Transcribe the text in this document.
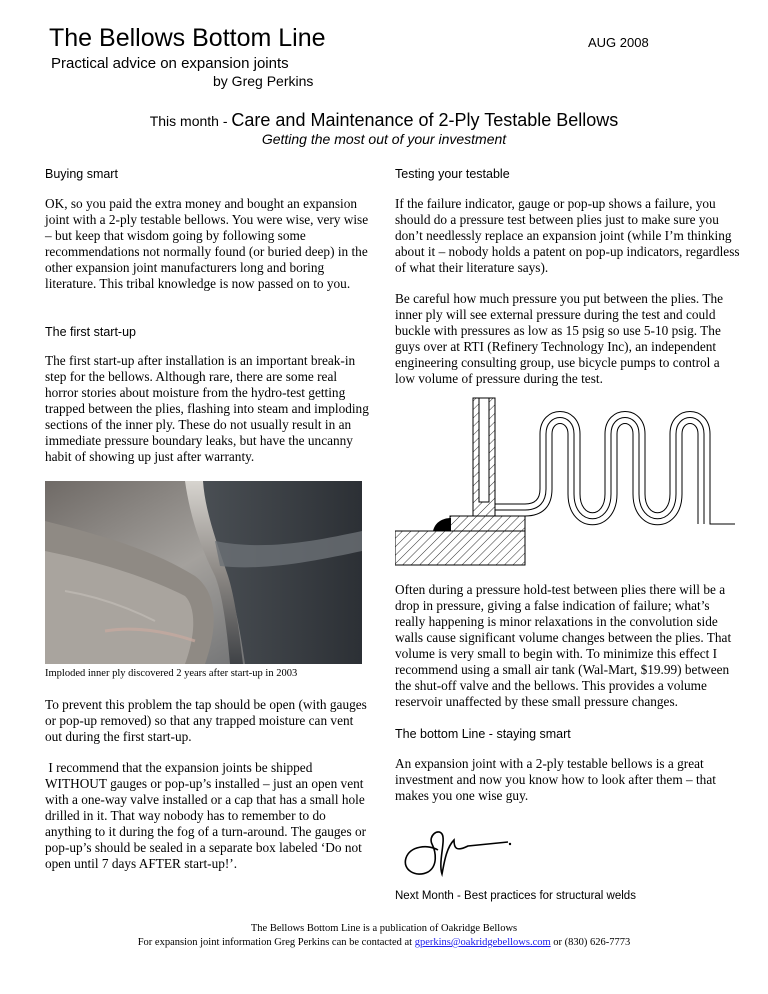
The Bellows Bottom Line
Practical advice on expansion joints
by Greg Perkins
AUG 2008
This month - Care and Maintenance of 2-Ply Testable Bellows
Getting the most out of your investment
Buying smart
OK, so you paid the extra money and bought an expansion joint with a 2-ply testable bellows. You were wise, very wise – but keep that wisdom going by following some recommendations not normally found (or buried deep) in the other expansion joint manufacturers long and boring literature. This tribal knowledge is now passed on to you.
The first start-up
The first start-up after installation is an important break-in step for the bellows. Although rare, there are some real horror stories about moisture from the hydro-test getting trapped between the plies, flashing into steam and imploding sections of the inner ply. These do not usually result in an immediate pressure boundary leaks, but have the uncanny habit of showing up just after warranty.
Imploded inner ply discovered 2 years after start-up in 2003
To prevent this problem the tap should be open (with gauges or pop-up removed) so that any trapped moisture can vent out during the first start-up.
I recommend that the expansion joints be shipped WITHOUT gauges or pop-up’s installed – just an open vent with a one-way valve installed or a cap that has a small hole drilled in it. That way nobody has to remember to do anything to it during the fog of a turn-around. The gauges or pop-up’s should be sealed in a separate box labeled ‘Do not open until 7 days AFTER start-up!’.
Testing your testable
If the failure indicator, gauge or pop-up shows a failure, you should do a pressure test between plies just to make sure you don’t needlessly replace an expansion joint (while I’m thinking about it – nobody holds a patent on pop-up indicators, regardless of what their literature says).
Be careful how much pressure you put between the plies. The inner ply will see external pressure during the test and could buckle with pressures as low as 15 psig so use 5-10 psig. The guys over at RTI (Refinery Technology Inc), an independent engineering consulting group, use bicycle pumps to control a low volume of pressure during the test.
Often during a pressure hold-test between plies there will be a drop in pressure, giving a false indication of failure; what’s really happening is minor relaxations in the convolution side walls cause significant volume changes between the plies. That volume is very small to begin with. To minimize this effect I recommend using a small air tank (Wal-Mart, $19.99) between the shut-off valve and the bellows. This provides a volume reservoir unaffected by these small pressure changes.
The bottom Line - staying smart
An expansion joint with a 2-ply testable bellows is a great investment and now you know how to look after them – that makes you one wise guy.
Next Month - Best practices for structural welds
The Bellows Bottom Line is a publication of Oakridge Bellows
For expansion joint information Greg Perkins can be contacted at gperkins@oakridgebellows.com or (830) 626-7773
